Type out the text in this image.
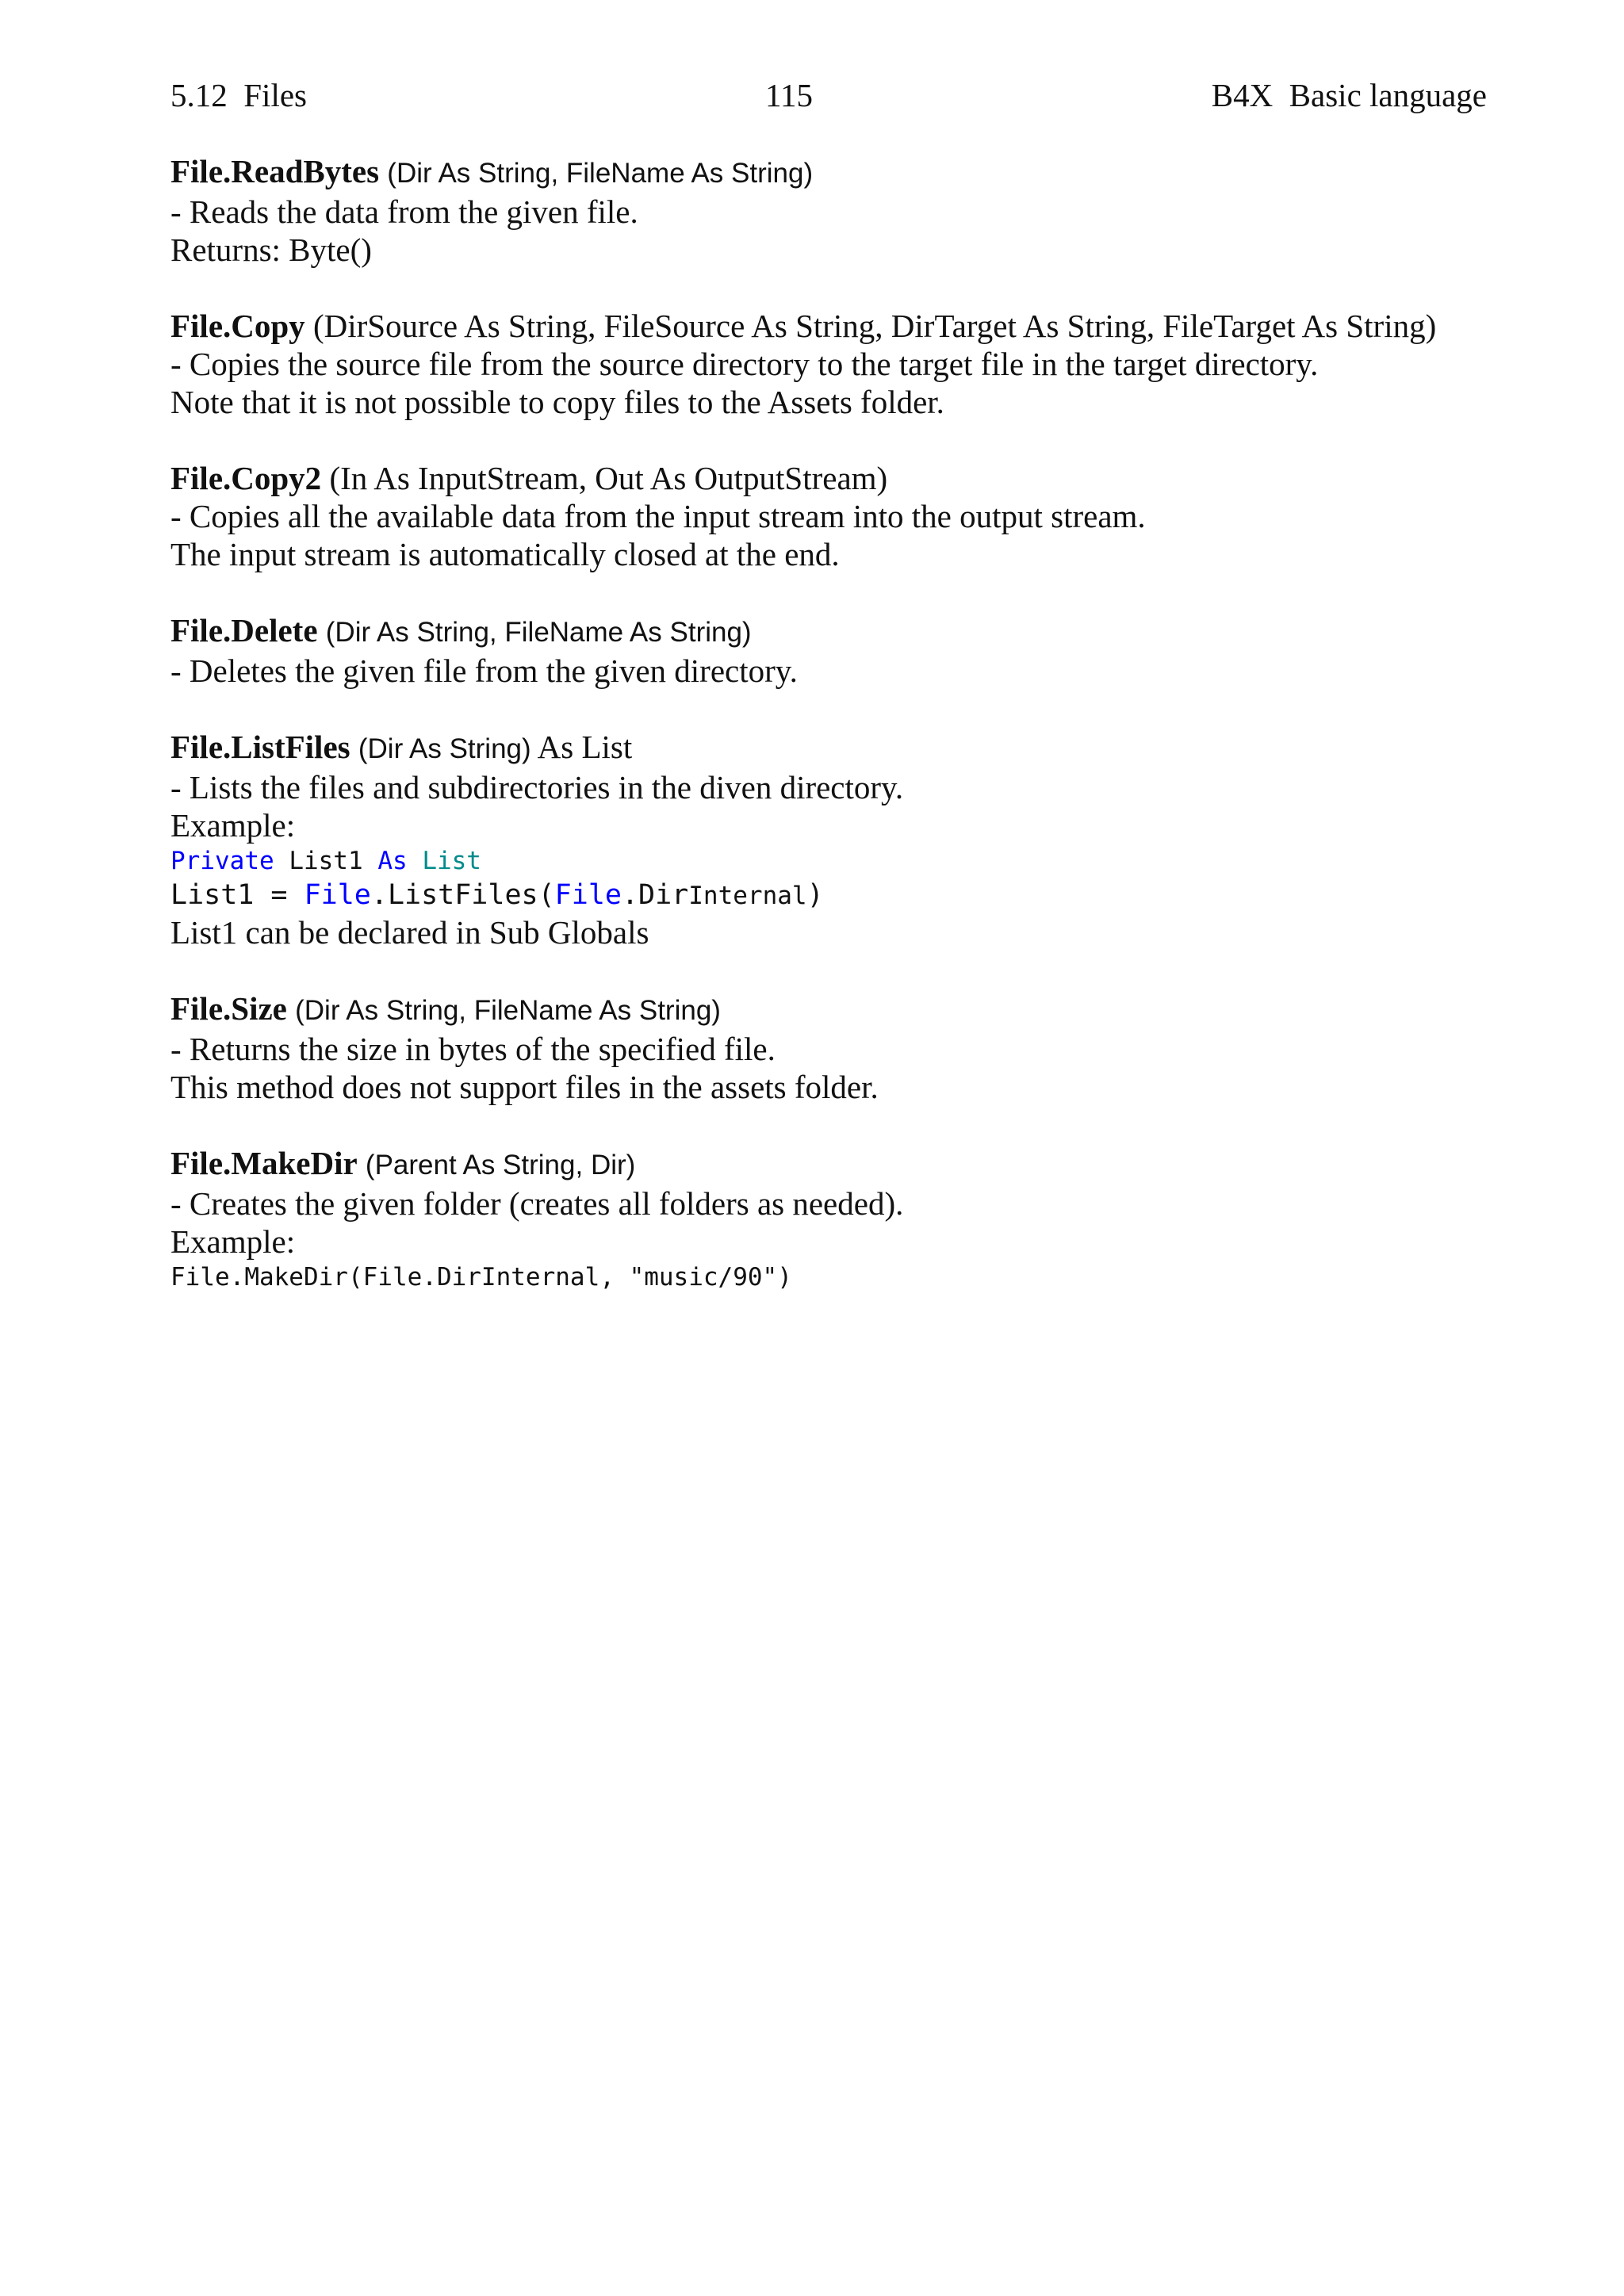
5.12  Files	115	B4X  Basic language
File.ReadBytes (Dir As String, FileName As String)
- Reads the data from the given file.
Returns: Byte()
File.Copy (DirSource As String, FileSource As String, DirTarget As String, FileTarget As String)
- Copies the source file from the source directory to the target file in the target directory.
Note that it is not possible to copy files to the Assets folder.
File.Copy2 (In As InputStream, Out As OutputStream)
- Copies all the available data from the input stream into the output stream.
The input stream is automatically closed at the end.
File.Delete (Dir As String, FileName As String)
- Deletes the given file from the given directory.
File.ListFiles (Dir As String) As List
- Lists the files and subdirectories in the diven directory.
Example:
Private List1 As List
List1 = File.ListFiles(File.DirInternal)
List1 can be declared in Sub Globals
File.Size (Dir As String, FileName As String)
- Returns the size in bytes of the specified file.
This method does not support files in the assets folder.
File.MakeDir (Parent As String, Dir)
- Creates the given folder (creates all folders as needed).
Example:
File.MakeDir(File.DirInternal, "music/90")
